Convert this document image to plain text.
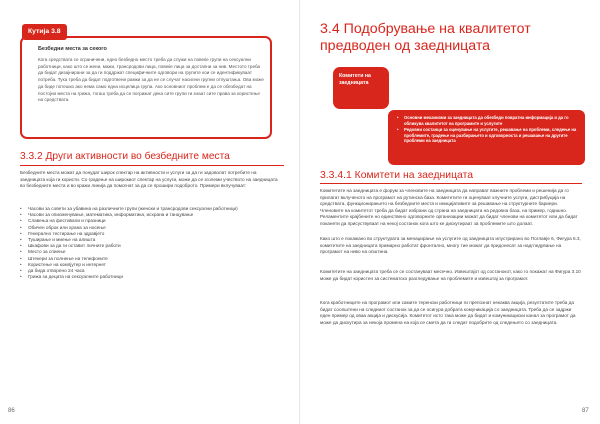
Кутија 3.8
Безбедни места за секого
Кога средствата се ограничени, едно безбедно место треба да служи на повеќе групи на сексуални работници, како што се жени, мажи, трансродови лица, повеќе лица за достапни за нив. Местото треба да бидат дизајнирани за да ги поддржат специфичните одговори на групите кои се идентификуваат потреба. Тука треба да бидат подготвени рамки за да не се случат насилни групни отпуштања. Ова може да биде потешко ако нема само една исцелица група. Ако основниот проблем е да се обезбедат на постојни места на грижа, тогаш треба да се погрижат дека сите групи ги знаат сите права за користење на средствата.
3.3.2 Други активности во безбедните места

Безбедните места можат да понудат широк спектар на активности и услуги за да ги задоволат потребите на заедницата која ги користи. Со градење на широкиот спектар на услуги, може да се зголеми учеството на заедницата во безбедните места и во кражи линија да помогнат за да се прошири подоброто. Примери вклучуваат:

• Часови за совети за убавина на различните групи (женски и трансродови сексуални работници)
• Часови за описменување, математика, информатика, исхрана и танцување
• Славења на фестивали и празници
• Обичен оброк или храна за носење
• Генерално тестирање на здравјето
• Туширање и миење на алишта
• Шкафови за да ги оставит личните работи
• Место за спиење
• Штекери за полнење на телефоните
• Користење на компјутер и интернет
• да бида отворено 24 часа
• Грижа за децата на сексуалните работници
86
3.4 Подобрување на квалитетот предводен од заедницата
Комитети на заедницата
• Основни механизми за заедницата да обезбеди повратна информација и да го обликува квалитетот на програмите и услугите
• Редовни состанци за оценување на услугите, решавање на проблеми, следење на проблемите, градење на разбирањето и одговорноста и решавање на другите проблеми на заедницата
3.3.4.1 Комитети на заедницата

Комитетите на заедницата е форум за членовите на заедницата да направат важните проблеми и решенија да го прилагат вклученото на програмот на рутинска база. Комитетите ги оценуваат клучните услуги, дистрибуција на средствата, функционирањето на безбедните места и иницијативите за решавање на структурните бариери. Членовите на комитетот треба да бидат избрани од страна на заедницата на редовна база, на пример, годишно. Реламентите крајбените но единствено одговорните организации можат да бидат членови на комитетот или да бидат поканети да присуствуваат на некој состанок кога што ке дискутираат за проблемите што долаат.

Како што е покажано во структурата за менаџирање на услугите од заедницата илустрирано во Поглавје 6, Фигура 6.3, комитетите на заедницата примарно работат фронтално, многу тие можат да придонесат за надгледување на програмот на ниво на општина.

Комитетите на заедницата треба се се состануваат месечно. Извештајот од состанокот, како го покажат на Фигура 3.10 може да бидат користен за систематско разгледување на проблемите и извештај за програмот.

Кога кработниците на програмот или самите теренски работници ги препознат некаква акција, резултатите треба да бидат соопштени на следниот состанок за да се осигура добрата комуникација со заедницата. Треба да се задржи еден пример од оваа акција и дискусија. Комитетот исто така може да бидат и комуникациски канал за програмот да може да дискутира за некоја промена на која се смета да ги следат подобрите од следењето со заедницата.

87
